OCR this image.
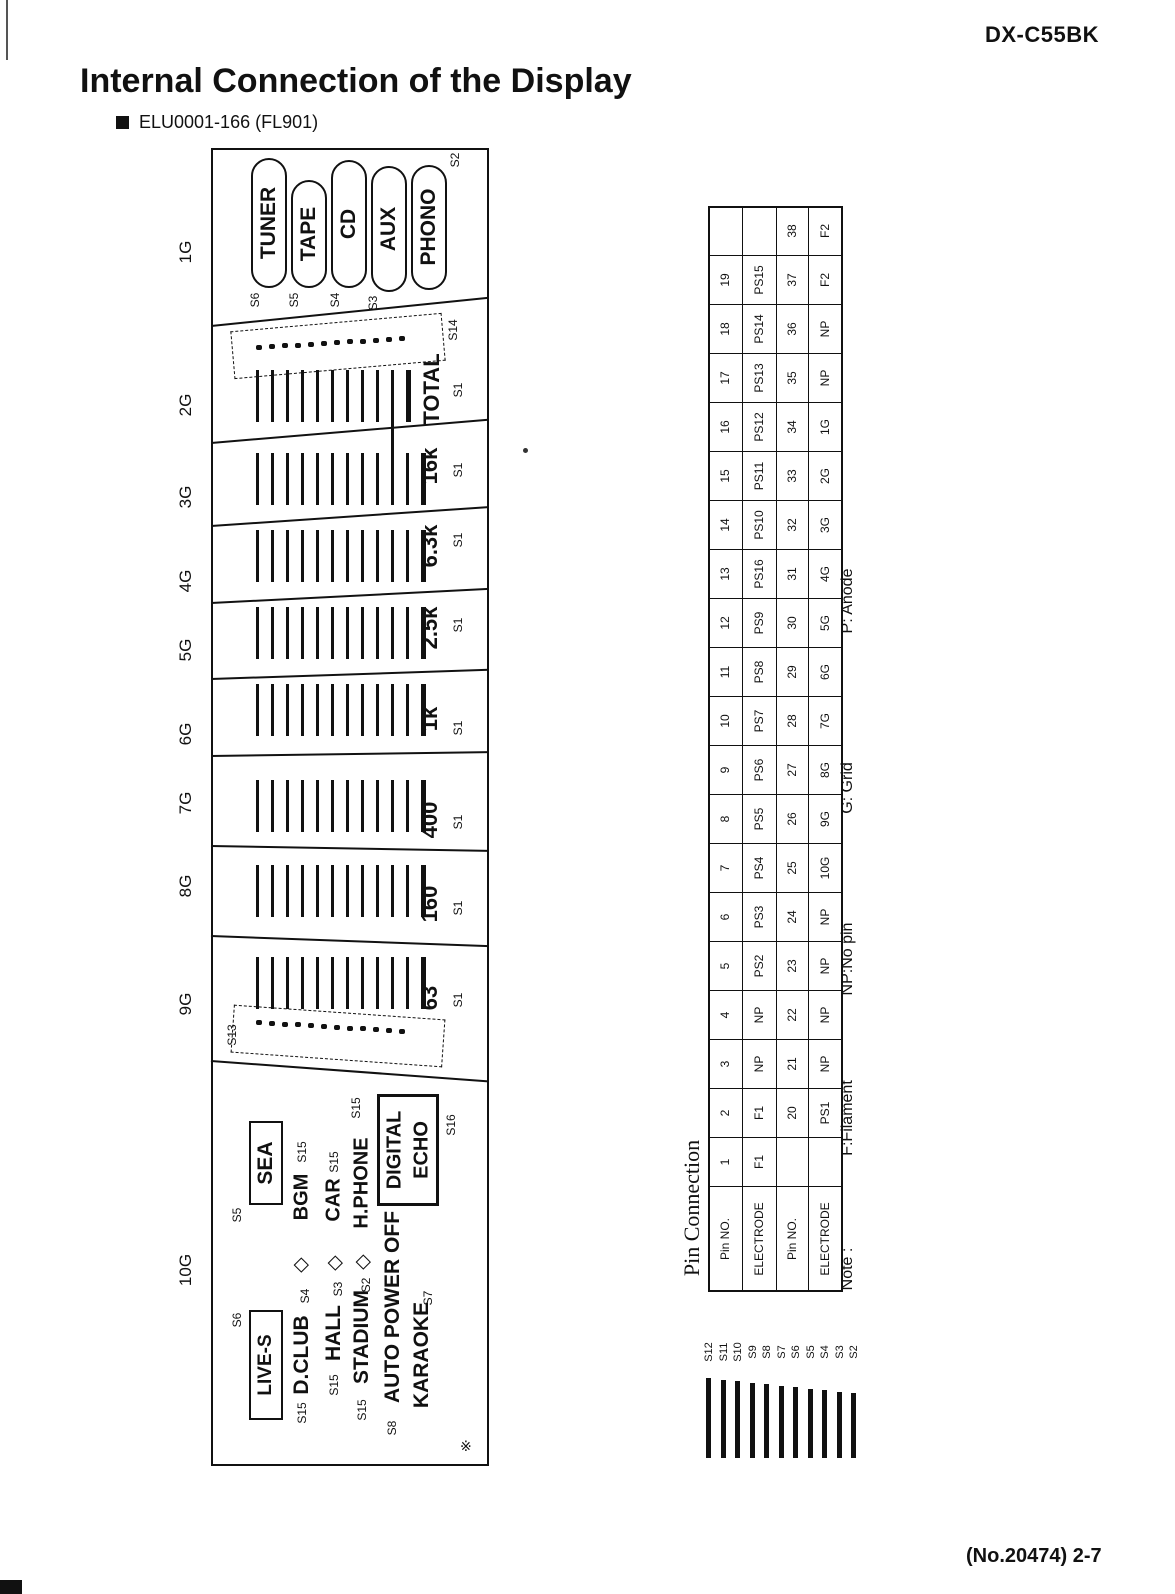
DX-C55BK
Internal Connection of the Display
ELU0001-166 (FL901)
1G
2G
3G
4G
5G
6G
7G
8G
9G
10G
TUNER
S6
TAPE
S5
CD
S4
AUX
S3
PHONO
S2
S14
TOTAL S1
16k S1
6.3k S1
2.5k S1
1k S1
400 S1
160 S1
63 S1
S13
S6
LIVE-S
S5
SEA
S15
D.CLUB
S4
◇
BGM
S15
S15
HALL
S3
◇
CAR
S15
S15
STADIUM
S2
◇
H.PHONE
S15
S8
AUTO POWER OFF
DIGITAL ECHO S16
KARAOKE
S7
※
Pin Connection Pin NO. ELECTRODE Pin NO. ELECTRODE
1
2
3
4
5
6
7
8
9
10
11
12
13
14
15
16
17
18
19
F1
F1
NP
NP
PS2
PS3
PS4
PS5
PS6
PS7
PS8
PS9
PS16
PS10
PS11
PS12
PS13
PS14
PS15
20
21
22
23
24
25
26
27
28
29
30
31
32
33
34
35
36
37
38
PS1
NP
NP
NP
NP
10G
9G
8G
7G
6G
5G
4G
3G
2G
1G
NP
NP
F2
F2
Note :
F:Filament
NP:No pin
G: Grid
P: Anode
S12 S11 S10 S9 S8 S7 S6 S5 S4 S3 S2
(No.20474) 2-7
